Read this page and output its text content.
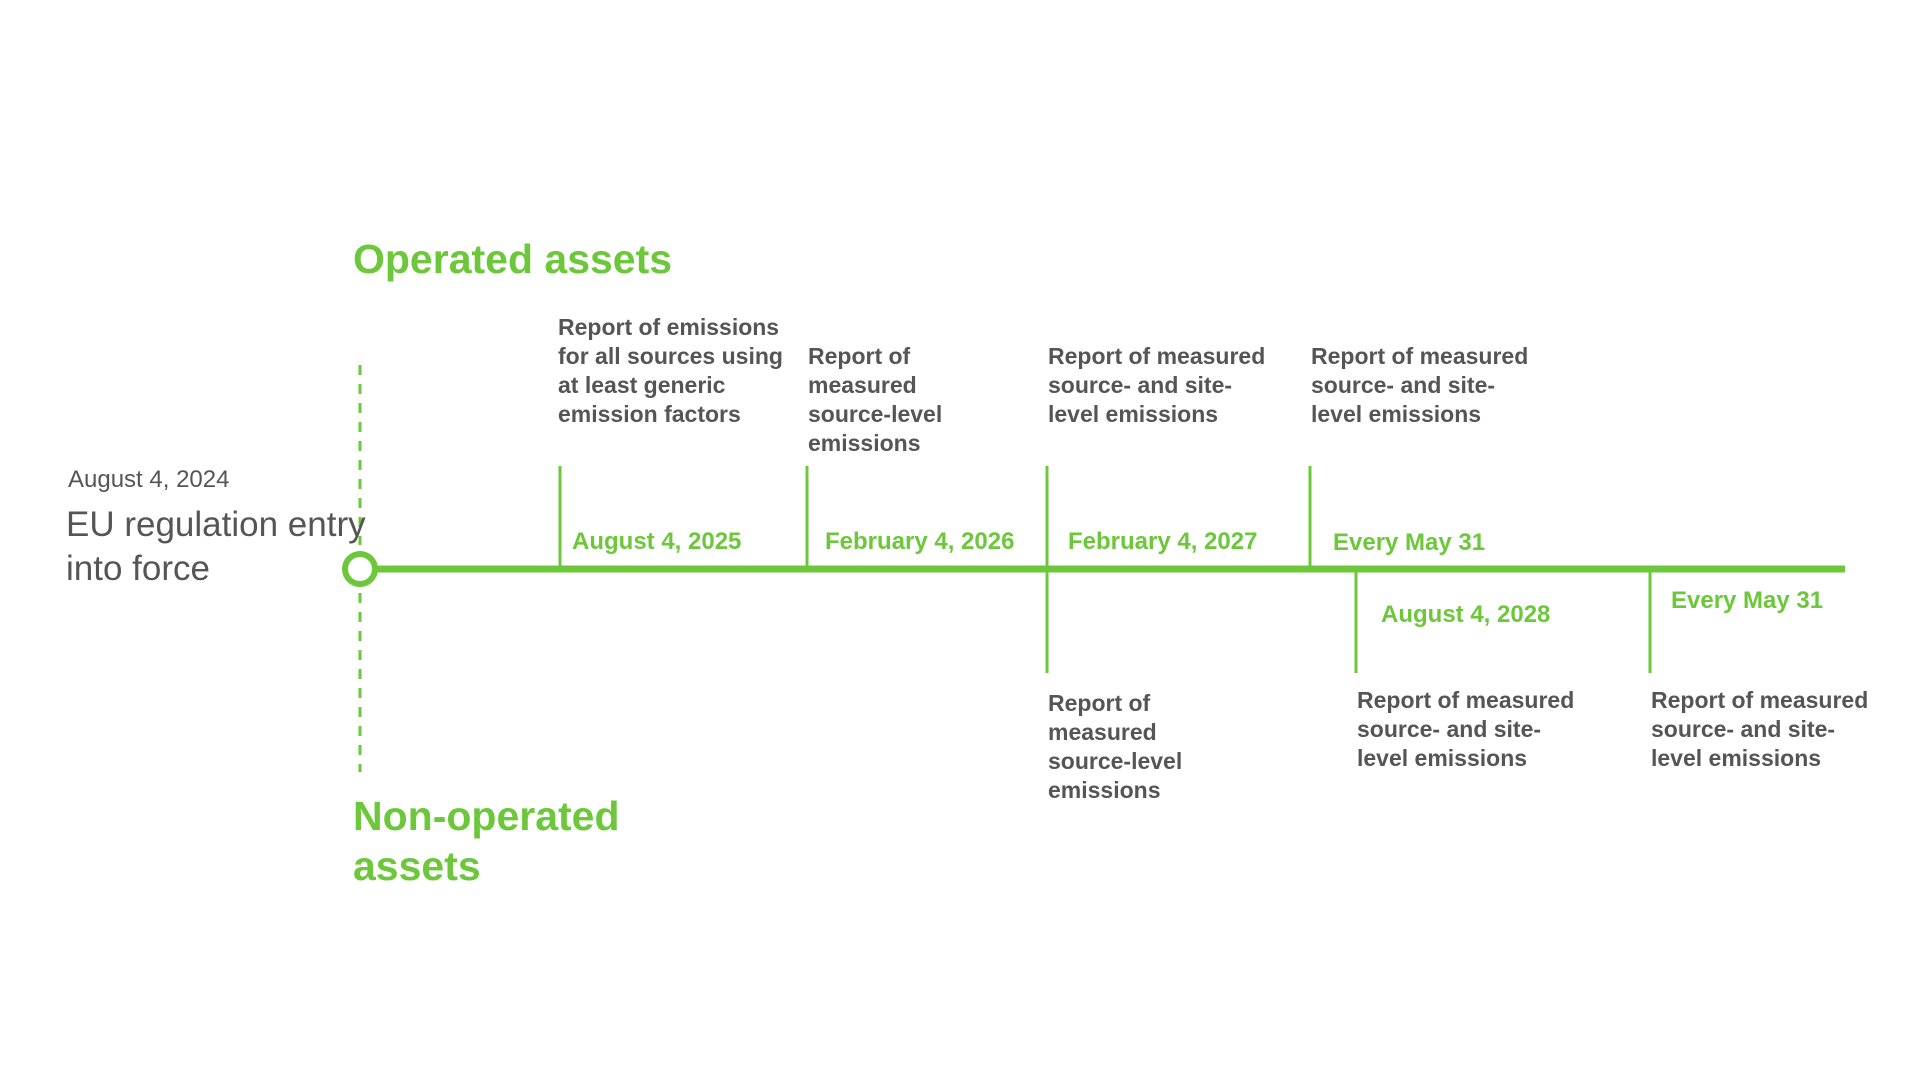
August 4, 2024

EU regulation entry into force

Operated assets

Non-operated assets

Report of emissions for all sources using at least generic emission factors

August 4, 2025

Report of measured source-level emissions

February 4, 2026

Report of measured source- and site-level emissions

February 4, 2027

Report of measured source- and site-level emissions

Every May 31

Report of measured source-level emissions

August 4, 2028

Report of measured source- and site-level emissions

Every May 31

Report of measured source- and site-level emissions
